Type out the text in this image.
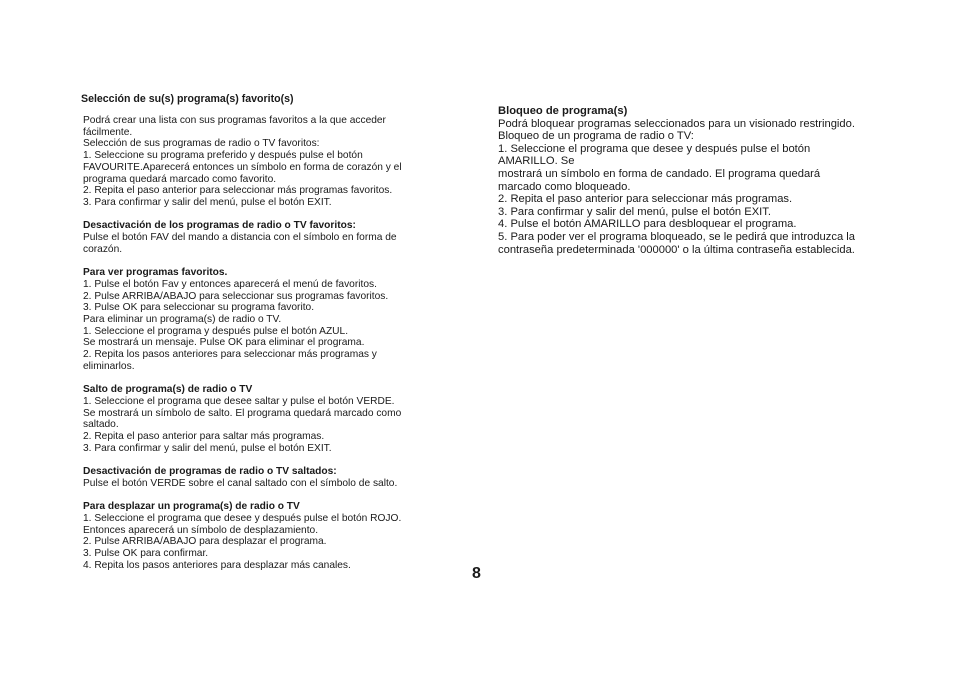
Selección de su(s) programa(s) favorito(s)
Podrá crear una lista con sus programas favoritos a la que acceder
fácilmente.
Selección de sus programas de radio o TV favoritos:
1. Seleccione su programa preferido y después pulse el botón
FAVOURITE.Aparecerá entonces un símbolo en forma de corazón y el
programa quedará marcado como favorito.
2. Repita el paso anterior para seleccionar más programas favoritos.
3. Para confirmar y salir del menú, pulse el botón EXIT.
Desactivación de los programas de radio o TV favoritos:
Pulse el botón FAV del mando a distancia con el símbolo en forma de
corazón.
Para ver programas favoritos.
1. Pulse el botón Fav y entonces aparecerá el menú de favoritos.
2. Pulse ARRIBA/ABAJO para seleccionar sus programas favoritos.
3. Pulse OK para seleccionar su programa favorito.
Para eliminar un programa(s) de radio o TV.
1. Seleccione el programa y después pulse el botón AZUL.
Se mostrará un mensaje. Pulse OK para eliminar el programa.
2. Repita los pasos anteriores para seleccionar más programas y
eliminarlos.
Salto de programa(s) de radio o TV
1. Seleccione el programa que desee saltar y pulse el botón VERDE.
Se mostrará un símbolo de salto. El programa quedará marcado como
saltado.
2. Repita el paso anterior para saltar más programas.
3. Para confirmar y salir del menú, pulse el botón EXIT.
Desactivación de programas de radio o TV saltados:
Pulse el botón VERDE sobre el canal saltado con el símbolo de salto.
Para desplazar un programa(s) de radio o TV
1. Seleccione el programa que desee y después pulse el botón ROJO.
Entonces aparecerá un símbolo de desplazamiento.
2. Pulse ARRIBA/ABAJO para desplazar el programa.
3. Pulse OK para confirmar.
4. Repita los pasos anteriores para desplazar más canales.
Bloqueo de programa(s)
Podrá bloquear programas seleccionados para un visionado restringido.
Bloqueo de un programa de radio o TV:
1. Seleccione el programa que desee y después pulse el botón
AMARILLO. Se
mostrará un símbolo en forma de candado. El programa quedará
marcado como bloqueado.
2. Repita el paso anterior para seleccionar más programas.
3. Para confirmar y salir del menú, pulse el botón EXIT.
4. Pulse el botón AMARILLO para desbloquear el programa.
5. Para poder ver el programa bloqueado, se le pedirá que introduzca la
contraseña predeterminada '000000' o la última contraseña establecida.
8
